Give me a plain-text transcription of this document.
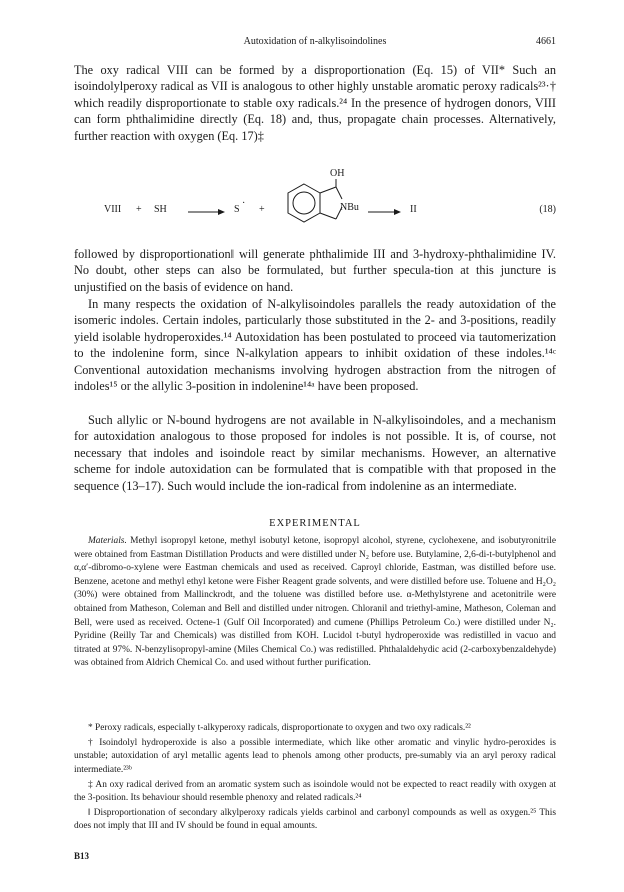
Autoxidation of n-alkylisoindolines	4661

The oxy radical VIII can be formed by a disproportionation (Eq. 15) of VII* Such an isoindolylperoxy radical as VII is analogous to other highly unstable aromatic peroxy radicals²³·† which readily disproportionate to stable oxy radicals.²⁴ In the presence of hydrogen donors, VIII can form phthalimidine directly (Eq. 18) and, thus, propagate chain processes. Alternatively, further reaction with oxygen (Eq. 17)‡

VIII + SH	S
·
+
OH
NBu	II	(18)

followed by disproportionation‖ will generate phthalimide III and 3-hydroxy-phthalimidine IV. No doubt, other steps can also be formulated, but further specula-tion at this juncture is unjustified on the basis of evidence on hand.

In many respects the oxidation of N-alkylisoindoles parallels the ready autoxidation of the isomeric indoles. Certain indoles, particularly those substituted in the 2- and 3-positions, readily yield isolable hydroperoxides.¹⁴ Autoxidation has been postulated to proceed via tautomerization to the indolenine form, since N-alkylation appears to inhibit oxidation of these indoles.¹⁴ᶜ Conventional autoxidation mechanisms involving hydrogen abstraction from the nitrogen of indoles¹⁵ or the allylic 3-position in indolenine¹⁴ᵃ have been proposed.

Such allylic or N-bound hydrogens are not available in N-alkylisoindoles, and a mechanism for autoxidation analogous to those proposed for indoles is not possible. It is, of course, not necessary that indoles and isoindole react by similar mechanisms. However, an alternative scheme for indole autoxidation can be formulated that is compatible with that proposed in the sequence (13–17). Such would include the ion-radical from indolenine as an intermediate.

EXPERIMENTAL

Materials. Methyl isopropyl ketone, methyl isobutyl ketone, isopropyl alcohol, styrene, cyclohexene, and isobutyronitrile were obtained from Eastman Distillation Products and were distilled under N₂ before use. Butylamine, 2,6-di-t-butylphenol and α,α′-dibromo-o-xylene were Eastman chemicals and used as received. Caproyl chloride, Eastman, was distilled before use. Benzene, acetone and methyl ethyl ketone were Fisher Reagent grade solvents, and were distilled before use. Toluene and H₂O₂ (30%) were obtained from Mallinckrodt, and the toluene was distilled before use. α-Methylstyrene and acetonitrile were obtained from Matheson, Coleman and Bell and distilled under nitrogen. Chloranil and triethyl-amine, Matheson, Coleman and Bell, were used as received. Octene-1 (Gulf Oil Incorporated) and cumene (Phillips Petroleum Co.) were distilled under N₂. Pyridine (Reilly Tar and Chemicals) was distilled from KOH. Lucidol t-butyl hydroperoxide was redistilled in vacuo and titrated at 97%. N-benzylisopropyl-amine (Miles Chemical Co.) was redistilled. Phthalaldehydic acid (2-carboxybenzaldehyde) was obtained from Aldrich Chemical Co. and used without further purification.

* Peroxy radicals, especially t-alkyperoxy radicals, disproportionate to oxygen and two oxy radicals.²²

† Isoindolyl hydroperoxide is also a possible intermediate, which like other aromatic and vinylic hydro-peroxides is unstable; autoxidation of aryl metallic agents lead to phenols among other products, pre-sumably via an aryl peroxy radical intermediate.²³ᵇ

‡ An oxy radical derived from an aromatic system such as isoindole would not be expected to react readily with oxygen at the 3-position. Its behaviour should resemble phenoxy and related radicals.²⁴

‖ Disproportionation of secondary alkylperoxy radicals yields carbinol and carbonyl compounds as well as oxygen.²⁵ This does not imply that III and IV should be found in equal amounts.

B13
